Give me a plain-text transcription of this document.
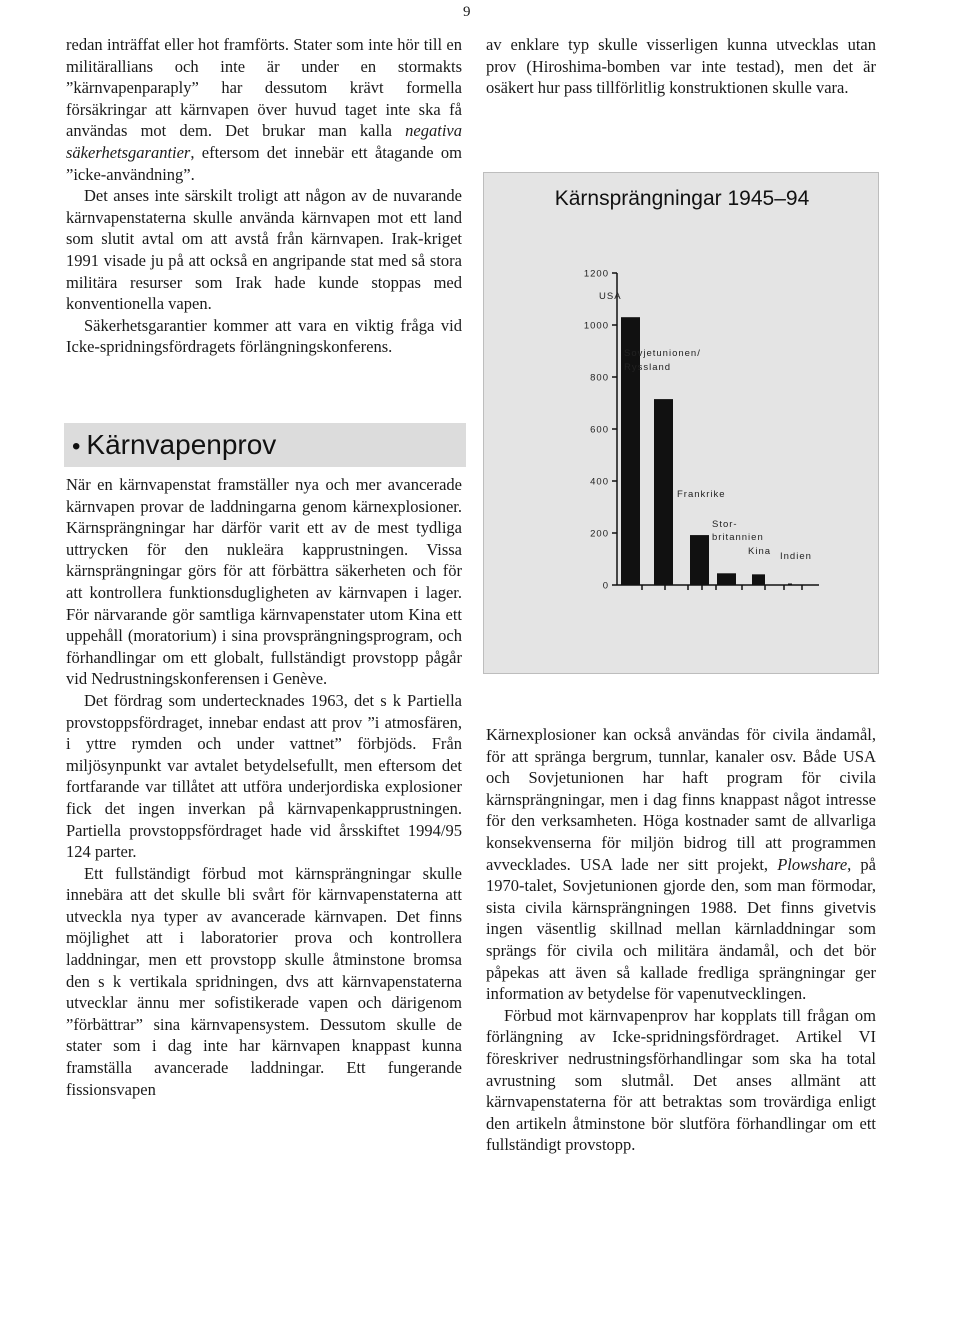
9

redan inträffat eller hot framförts. Stater som inte hör till en militärallians och inte är under en stormakts ”kärnvapenparaply” har dessutom krävt formella försäkringar att kärnvapen över huvud taget inte ska få användas mot dem. Det brukar man kalla negativa säkerhetsgarantier, eftersom det innebär ett åtagande om ”icke-användning”.

Det anses inte särskilt troligt att någon av de nuvarande kärnvapenstaterna skulle använda kärnvapen mot ett land som slutit avtal om att avstå från kärnvapen. Irak-kriget 1991 visade ju på att också en angripande stat med så stora militära resurser som Irak hade kunde stoppas med konventionella vapen.

Säkerhetsgarantier kommer att vara en viktig fråga vid Icke-spridningsfördragets förlängningskonferens.

• Kärnvapenprov

När en kärnvapenstat framställer nya och mer avancerade kärnvapen provar de laddningarna genom kärnexplosioner. Kärnsprängningar har därför varit ett av de mest tydliga uttrycken för den nukleära kapprustningen. Vissa kärnsprängningar görs för att förbättra säkerheten och för att kontrollera funktionsdugligheten av kärnvapen i lager. För närvarande gör samtliga kärnvapenstater utom Kina ett uppehåll (moratorium) i sina provsprängningsprogram, och förhandlingar om ett globalt, fullständigt provstopp pågår vid Nedrustningskonferensen i Genève.

Det fördrag som undertecknades 1963, det s k Partiella provstoppsfördraget, innebar endast att prov ”i atmosfären, i yttre rymden och under vattnet” förbjöds. Från miljösynpunkt var avtalet betydelsefullt, men eftersom det fortfarande var tillåtet att utföra underjordiska explosioner fick det ingen inverkan på kärnvapenkapprustningen. Partiella provstoppsfördraget hade vid årsskiftet 1994/95 124 parter.

Ett fullständigt förbud mot kärnsprängningar skulle innebära att det skulle bli svårt för kärnvapenstaterna att utveckla nya typer av avancerade kärnvapen. Det finns möjlighet att i laboratorier prova och kontrollera laddningar, men ett provstopp skulle åtminstone bromsa den s k vertikala spridningen, dvs att kärnvapenstaterna utvecklar ännu mer sofistikerade vapen och därigenom ”förbättrar” sina kärnvapensystem. Dessutom skulle de stater som i dag inte har kärnvapen knappast kunna framställa avancerade laddningar. Ett fungerande fissionsvapen

av enklare typ skulle visserligen kunna utvecklas utan prov (Hiroshima-bomben var inte testad), men det är osäkert hur pass tillförlitlig konstruktionen skulle vara.

Kärnsprängningar 1945–94
0
200
400
600
800
1000
1200
USA
Sovjetunionen/
Ryssland
Frankrike
Stor-
britannien
Kina Indien

Kärnexplosioner kan också användas för civila ändamål, för att spränga bergrum, tunnlar, kanaler osv. Både USA och Sovjetunionen har haft program för civila kärnsprängningar, men i dag finns knappast något intresse för den verksamheten. Höga kostnader samt de allvarliga konsekvenserna för miljön bidrog till att programmen avvecklades. USA lade ner sitt projekt, Plowshare, på 1970-talet, Sovjetunionen gjorde den, som man förmodar, sista civila kärnsprängningen 1988. Det finns givetvis ingen väsentlig skillnad mellan kärnladdningar som sprängs för civila och militära ändamål, och det bör påpekas att även så kallade fredliga sprängningar ger information av betydelse för vapenutvecklingen.

Förbud mot kärnvapenprov har kopplats till frågan om förlängning av Icke-spridningsfördraget. Artikel VI föreskriver nedrustningsförhandlingar som ska ha total avrustning som slutmål. Det anses allmänt att kärnvapenstaterna för att betraktas som trovärdiga enligt den artikeln åtminstone bör slutföra förhandlingar om ett fullständigt provstopp.
